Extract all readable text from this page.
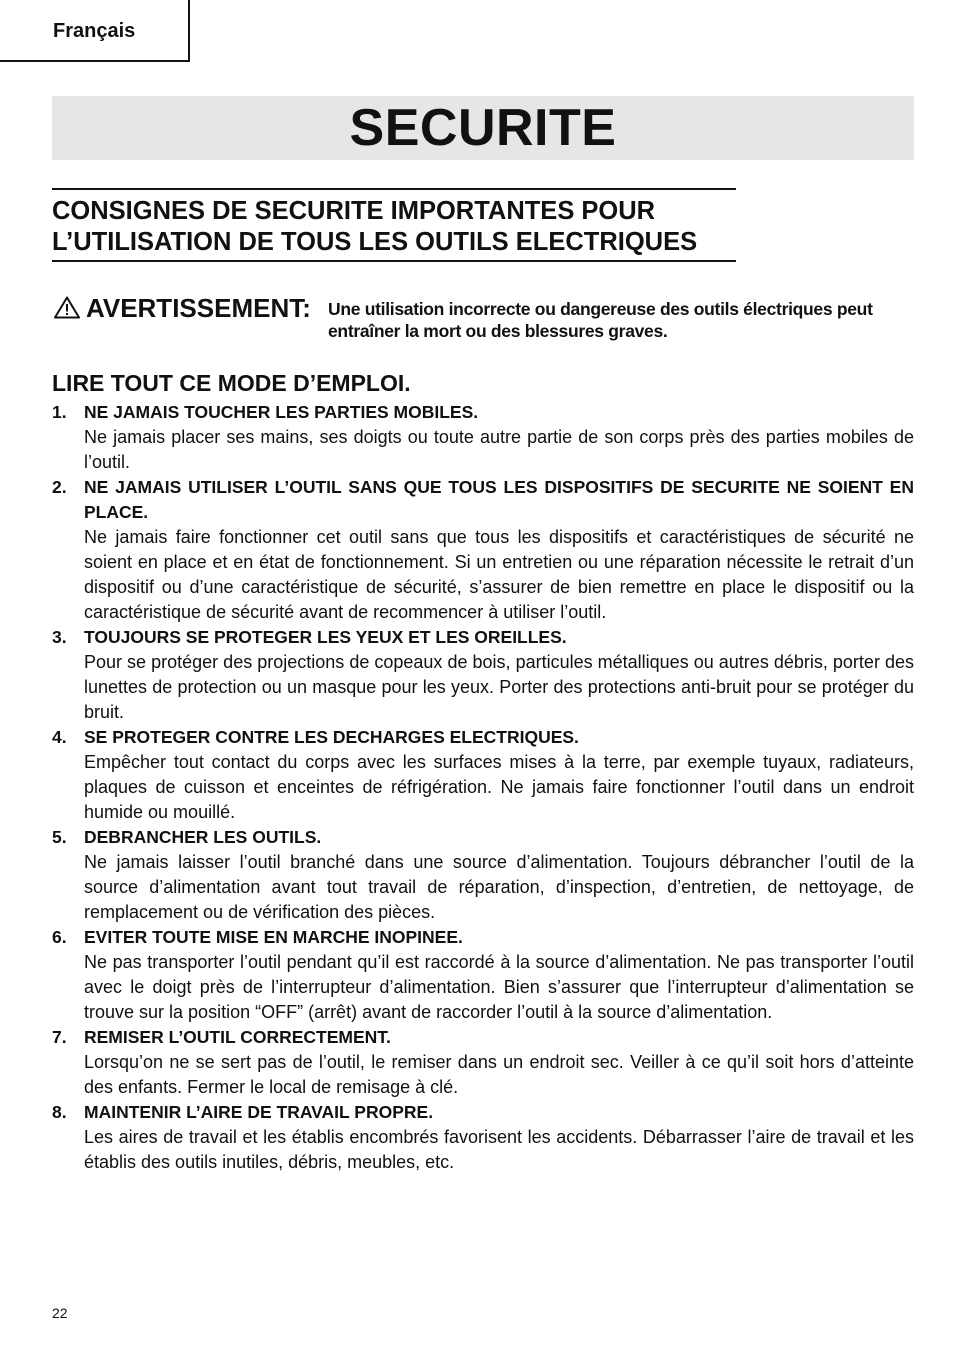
Français
SECURITE
CONSIGNES DE SECURITE IMPORTANTES POUR L’UTILISATION DE TOUS LES OUTILS ELECTRIQUES
AVERTISSEMENT: Une utilisation incorrecte ou dangereuse des outils électriques peut entraîner la mort ou des blessures graves.
LIRE TOUT CE MODE D’EMPLOI.
1. NE JAMAIS TOUCHER LES PARTIES MOBILES.
Ne jamais placer ses mains, ses doigts ou toute autre partie de son corps près des parties mobiles de l’outil.
2. NE JAMAIS UTILISER L’OUTIL SANS QUE TOUS LES DISPOSITIFS DE SECURITE NE SOIENT EN PLACE.
Ne jamais faire fonctionner cet outil sans que tous les dispositifs et caractéristiques de sécurité ne soient en place et en état de fonctionnement. Si un entretien ou une réparation nécessite le retrait d’un dispositif ou d’une caractéristique de sécurité, s’assurer de bien remettre en place le dispositif ou la caractéristique de sécurité avant de recommencer à utiliser l’outil.
3. TOUJOURS SE PROTEGER LES YEUX ET LES OREILLES.
Pour se protéger des projections de copeaux de bois, particules métalliques ou autres débris, porter des lunettes de protection ou un masque pour les yeux. Porter des protections anti-bruit pour se protéger du bruit.
4. SE PROTEGER CONTRE LES DECHARGES ELECTRIQUES.
Empêcher tout contact du corps avec les surfaces mises à la terre, par exemple tuyaux, radiateurs, plaques de cuisson et enceintes de réfrigération. Ne jamais faire fonctionner l’outil dans un endroit humide ou mouillé.
5. DEBRANCHER LES OUTILS.
Ne jamais laisser l’outil branché dans une source d’alimentation. Toujours débrancher l’outil de la source d’alimentation avant tout travail de réparation, d’inspection, d’entretien, de nettoyage, de remplacement ou de vérification des pièces.
6. EVITER TOUTE MISE EN MARCHE INOPINEE.
Ne pas transporter l’outil pendant qu’il est raccordé à la source d’alimentation. Ne pas transporter l’outil avec le doigt près de l’interrupteur d’alimentation. Bien s’assurer que l’interrupteur d’alimentation se trouve sur la position “OFF” (arrêt) avant de raccorder l’outil à la source d’alimentation.
7. REMISER L’OUTIL CORRECTEMENT.
Lorsqu’on ne se sert pas de l’outil, le remiser dans un endroit sec. Veiller à ce qu’il soit hors d’atteinte des enfants. Fermer le local de remisage à clé.
8. MAINTENIR L’AIRE DE TRAVAIL PROPRE.
Les aires de travail et les établis encombrés favorisent les accidents. Débarrasser l’aire de travail et les établis des outils inutiles, débris, meubles, etc.
22
